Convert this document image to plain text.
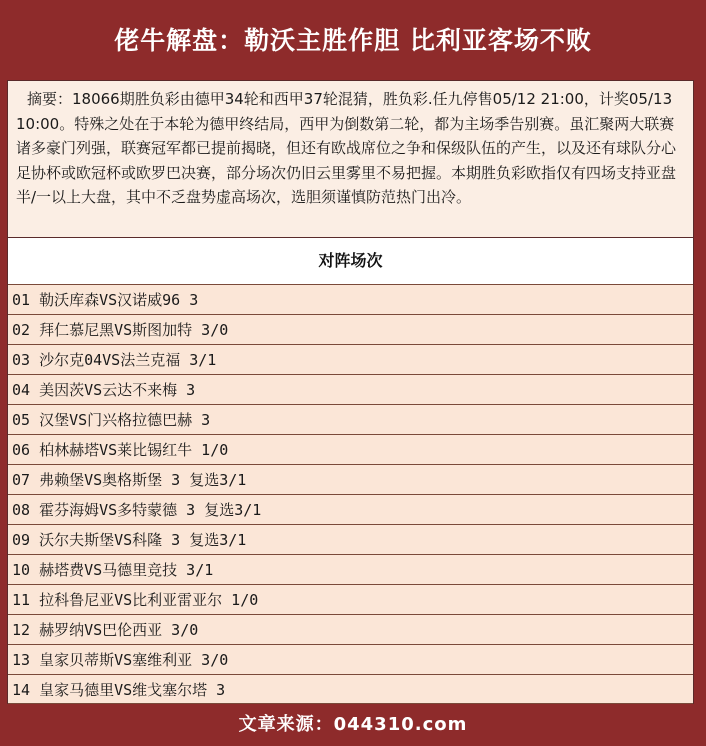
佬牛解盘：勒沃主胜作胆 比利亚客场不败
摘要：18066期胜负彩由德甲34轮和西甲37轮混猜，胜负彩.任九停售05/12 21:00，计奖05/13 10:00。特殊之处在于本轮为德甲终结局，西甲为倒数第二轮，都为主场季告别赛。虽汇聚两大联赛诸多豪门列强，联赛冠军都已提前揭晓，但还有欧战席位之争和保级队伍的产生，以及还有球队分心足协杯或欧冠杯或欧罗巴决赛，部分场次仍旧云里雾里不易把握。本期胜负彩欧指仅有四场支持亚盘半/一以上大盘，其中不乏盘势虚高场次，选胆须谨慎防范热门出冷。
对阵场次
01 勒沃库森VS汉诺威96 3
02 拜仁慕尼黑VS斯图加特 3/0
03 沙尔克04VS法兰克福 3/1
04 美因茨VS云达不来梅 3
05 汉堡VS门兴格拉德巴赫 3
06 柏林赫塔VS莱比锡红牛 1/0
07 弗赖堡VS奥格斯堡 3 复选3/1
08 霍芬海姆VS多特蒙德 3 复选3/1
09 沃尔夫斯堡VS科隆 3 复选3/1
10 赫塔费VS马德里竞技 3/1
11 拉科鲁尼亚VS比利亚雷亚尔 1/0
12 赫罗纳VS巴伦西亚 3/0
13 皇家贝蒂斯VS塞维利亚 3/0
14 皇家马德里VS维戈塞尔塔 3
文章来源：044310.com
